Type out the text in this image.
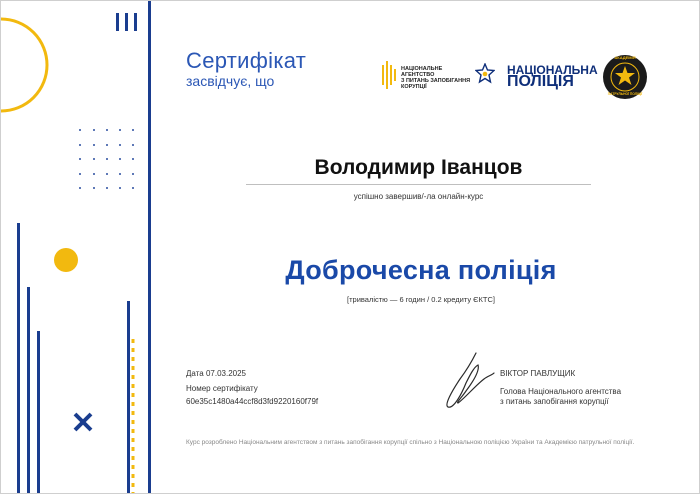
Сертифікат
засвідчує, що
НАЦІОНАЛЬНЕ АГЕНТСТВО
З ПИТАНЬ ЗАПОБІГАННЯ
КОРУПЦІЇ
НАЦІОНАЛЬНА
ПОЛІЦІЯ
АКАДЕМІЯ
ПАТРУЛЬНОЇ ПОЛІЦІЇ
Володимир Іванцов
успішно завершив/-ла онлайн-курс
Доброчесна поліція
[тривалістю — 6 годин / 0.2 кредиту ЄКТС]
Дата 07.03.2025
Номер сертифікату
60e35c1480a44ccf8d3fd9220160f79f
ВІКТОР ПАВЛУЩИК
Голова Національного агентства
з питань запобігання корупції
Курс розроблено Національним агентством з питань запобігання корупції спільно з Національною поліцією України та Академією патрульної поліції.
